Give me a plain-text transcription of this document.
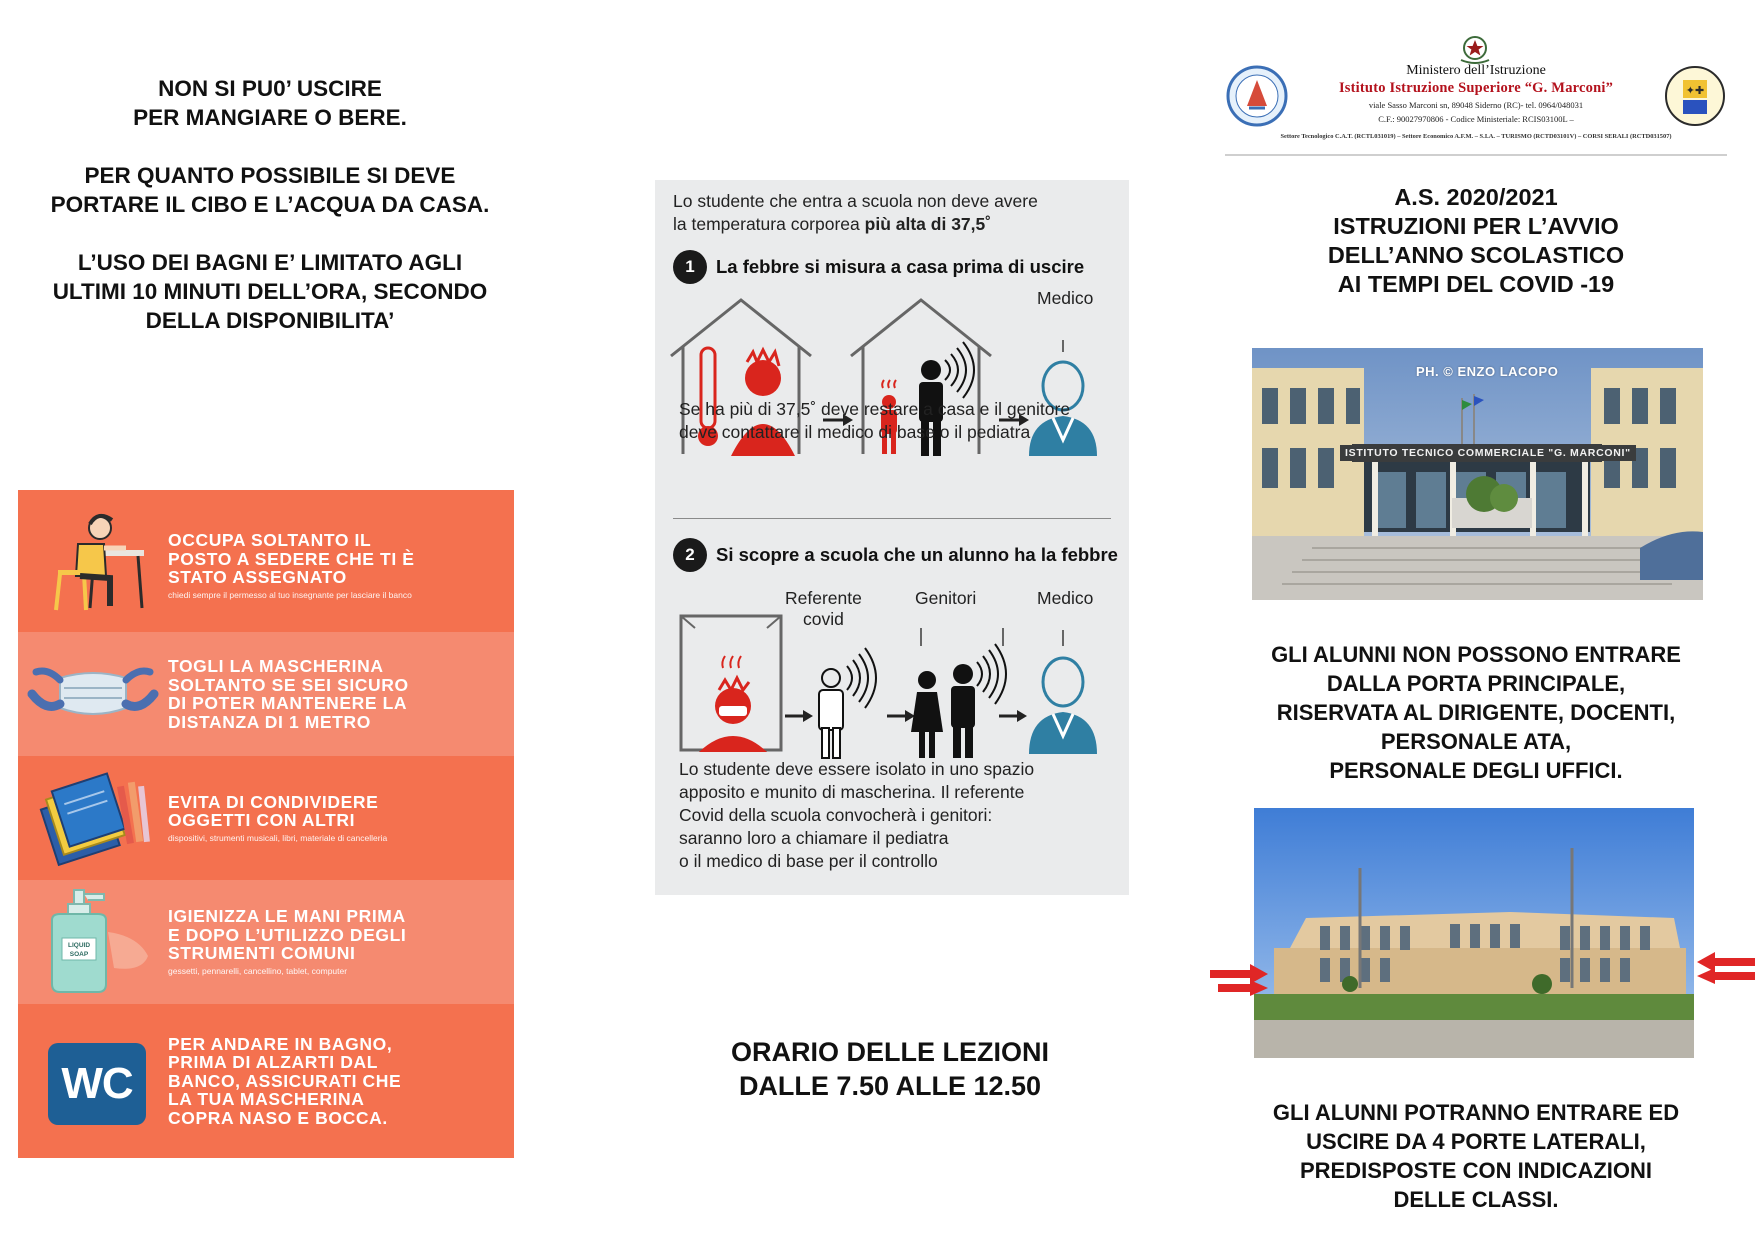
NON SI PU0’ USCIRE
PER MANGIARE O BERE.

PER QUANTO POSSIBILE SI DEVE
PORTARE IL CIBO E L’ACQUA DA CASA.

L’USO DEI BAGNI E’ LIMITATO AGLI
ULTIMI 10 MINUTI DELL’ORA, SECONDO
DELLA DISPONIBILITA’

OCCUPA SOLTANTO IL
POSTO A SEDERE CHE TI È
STATO ASSEGNATO
chiedi sempre il permesso al tuo insegnante per lasciare il banco
TOGLI LA MASCHERINA
SOLTANTO SE SEI SICURO
DI POTER MANTENERE LA
DISTANZA DI 1 METRO
EVITA DI CONDIVIDERE
OGGETTI CON ALTRI
dispositivi, strumenti musicali, libri, materiale di cancelleria
LIQUID
SOAP
IGIENIZZA LE MANI PRIMA
E DOPO L’UTILIZZO DEGLI
STRUMENTI COMUNI
gessetti, pennarelli, cancellino, tablet, computer
WC
PER ANDARE IN BAGNO,
PRIMA DI ALZARTI DAL
BANCO, ASSICURATI CHE
LA TUA MASCHERINA
COPRA NASO E BOCCA.
Lo studente che entra a scuola non deve avere
la temperatura corporea più alta di 37,5˚
1	La febbre si misura a casa prima di uscire
Medico
Se ha più di 37,5˚ deve restare a casa e il genitore
deve contattare il medico di base o il pediatra
2	Si scopre a scuola che un alunno ha la febbre
Referente
covid
Genitori	Medico
Lo studente deve essere isolato in uno spazio
apposito e munito di mascherina. Il referente
Covid della scuola convocherà i genitori:
saranno loro a chiamare il pediatra
o il medico di base per il controllo
ORARIO DELLE LEZIONI
DALLE 7.50 ALLE 12.50
Ministero dell’Istruzione
Istituto Istruzione Superiore “G. Marconi”
viale Sasso Marconi sn, 89048 Siderno (RC)- tel. 0964/048031
C.F.: 90027970806 - Codice Ministeriale: RCIS03100L –
Settore Tecnologico C.A.T. (RCTL031019) – Settore Economico A.F.M. – S.I.A. – TURISMO (RCTD03101V) – CORSI SERALI (RCTD031507)
✦✚
A.S. 2020/2021
ISTRUZIONI PER L’AVVIO
DELL’ANNO SCOLASTICO
AI TEMPI DEL COVID -19
PH. © ENZO LACOPO
ISTITUTO TECNICO COMMERCIALE "G. MARCONI"
GLI ALUNNI NON POSSONO ENTRARE
DALLA PORTA PRINCIPALE,
RISERVATA AL DIRIGENTE, DOCENTI,
PERSONALE ATA,
PERSONALE DEGLI UFFICI.
GLI ALUNNI POTRANNO ENTRARE ED
USCIRE DA 4 PORTE LATERALI,
PREDISPOSTE CON INDICAZIONI
DELLE CLASSI.
